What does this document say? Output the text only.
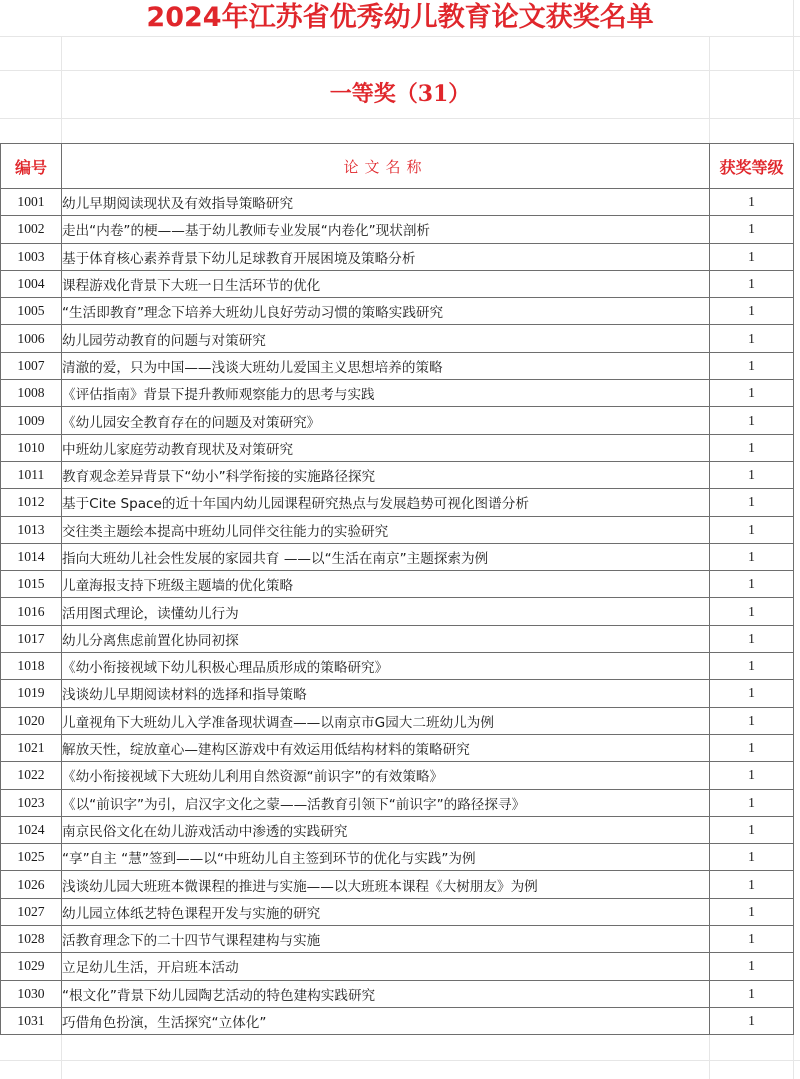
2024年江苏省优秀幼儿教育论文获奖名单
一等奖（31）
编号	论文名称	获奖等级
1001	幼儿早期阅读现状及有效指导策略研究	1
1002	走出“内卷”的梗——基于幼儿教师专业发展“内卷化”现状剖析	1
1003	基于体育核心素养背景下幼儿足球教育开展困境及策略分析	1
1004	课程游戏化背景下大班一日生活环节的优化	1
1005	“生活即教育”理念下培养大班幼儿良好劳动习惯的策略实践研究	1
1006	幼儿园劳动教育的问题与对策研究	1
1007	清澈的爱，只为中国——浅谈大班幼儿爱国主义思想培养的策略	1
1008	《评估指南》背景下提升教师观察能力的思考与实践	1
1009	《幼儿园安全教育存在的问题及对策研究》	1
1010	中班幼儿家庭劳动教育现状及对策研究	1
1011	教育观念差异背景下“幼小”科学衔接的实施路径探究	1
1012	基于Cite Space的近十年国内幼儿园课程研究热点与发展趋势可视化图谱分析	1
1013	交往类主题绘本提高中班幼儿同伴交往能力的实验研究	1
1014	指向大班幼儿社会性发展的家园共育 ——以“生活在南京”主题探索为例	1
1015	儿童海报支持下班级主题墙的优化策略	1
1016	活用图式理论，读懂幼儿行为	1
1017	幼儿分离焦虑前置化协同初探	1
1018	《幼小衔接视域下幼儿积极心理品质形成的策略研究》	1
1019	浅谈幼儿早期阅读材料的选择和指导策略	1
1020	儿童视角下大班幼儿入学准备现状调查——以南京市G园大二班幼儿为例	1
1021	解放天性，绽放童心—建构区游戏中有效运用低结构材料的策略研究	1
1022	《幼小衔接视域下大班幼儿利用自然资源“前识字”的有效策略》	1
1023	《以“前识字”为引，启汉字文化之蒙——活教育引领下“前识字”的路径探寻》	1
1024	南京民俗文化在幼儿游戏活动中渗透的实践研究	1
1025	“享”自主 “慧”签到——以“中班幼儿自主签到环节的优化与实践”为例	1
1026	浅谈幼儿园大班班本微课程的推进与实施——以大班班本课程《大树朋友》为例	1
1027	幼儿园立体纸艺特色课程开发与实施的研究	1
1028	活教育理念下的二十四节气课程建构与实施	1
1029	立足幼儿生活，开启班本活动	1
1030	“根文化”背景下幼儿园陶艺活动的特色建构实践研究	1
1031	巧借角色扮演，生活探究“立体化”	1
